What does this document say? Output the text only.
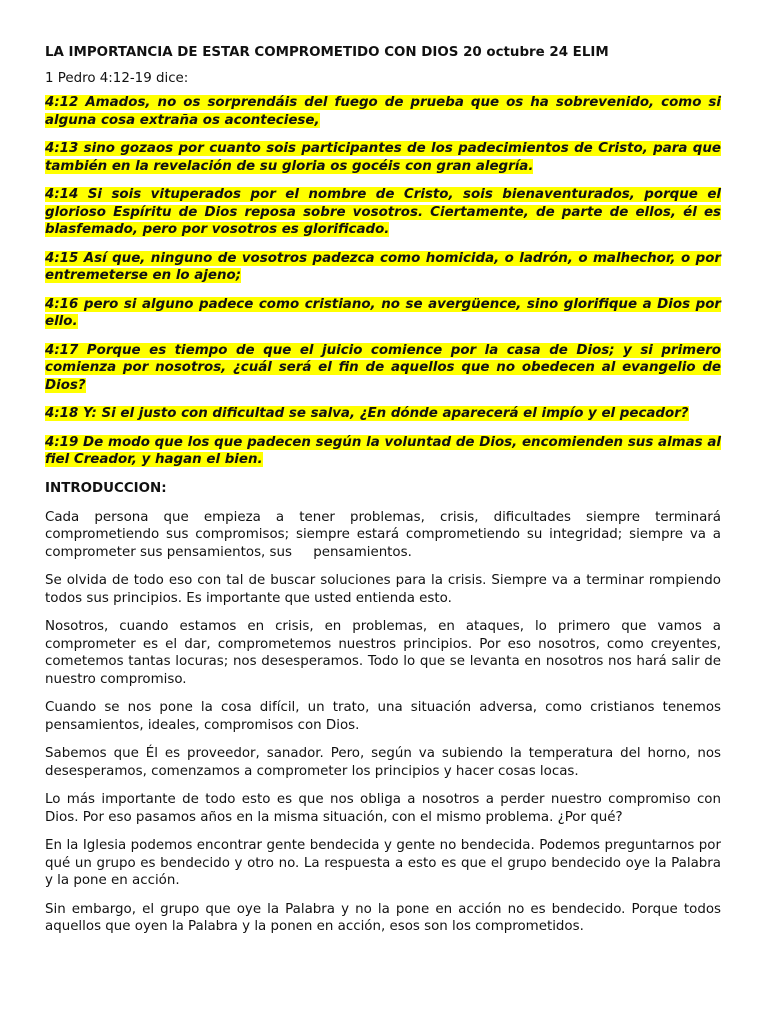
LA IMPORTANCIA DE ESTAR COMPROMETIDO CON DIOS 20 octubre 24 ELIM

1 Pedro 4:12-19 dice:

4:12 Amados, no os sorprendáis del fuego de prueba que os ha sobrevenido, como si alguna cosa extraña os aconteciese,

4:13 sino gozaos por cuanto sois participantes de los padecimientos de Cristo, para que también en la revelación de su gloria os gocéis con gran alegría.

4:14 Si sois vituperados por el nombre de Cristo, sois bienaventurados, porque el glorioso Espíritu de Dios reposa sobre vosotros. Ciertamente, de parte de ellos, él es blasfemado, pero por vosotros es glorificado.

4:15 Así que, ninguno de vosotros padezca como homicida, o ladrón, o malhechor, o por entremeterse en lo ajeno;

4:16 pero si alguno padece como cristiano, no se avergüence, sino glorifique a Dios por ello.

4:17 Porque es tiempo de que el juicio comience por la casa de Dios; y si primero comienza por nosotros, ¿cuál será el fin de aquellos que no obedecen al evangelio de Dios?

4:18 Y: Si el justo con dificultad se salva, ¿En dónde aparecerá el impío y el pecador?

4:19 De modo que los que padecen según la voluntad de Dios, encomienden sus almas al fiel Creador, y hagan el bien.

INTRODUCCION:

Cada persona que empieza a tener problemas, crisis, dificultades siempre terminará comprometiendo sus compromisos; siempre estará comprometiendo su integridad; siempre va a comprometer sus pensamientos, sus     pensamientos.

Se olvida de todo eso con tal de buscar soluciones para la crisis. Siempre va a terminar rompiendo todos sus principios. Es importante que usted entienda esto.

Nosotros, cuando estamos en crisis, en problemas, en ataques, lo primero que vamos a comprometer es el dar, comprometemos nuestros principios. Por eso nosotros, como creyentes, cometemos tantas locuras; nos desesperamos. Todo lo que se levanta en nosotros nos hará salir de nuestro compromiso.

Cuando se nos pone la cosa difícil, un trato, una situación adversa, como cristianos tenemos pensamientos, ideales, compromisos con Dios.

Sabemos que Él es proveedor, sanador. Pero, según va subiendo la temperatura del horno, nos desesperamos, comenzamos a comprometer los principios y hacer cosas locas.

Lo más importante de todo esto es que nos obliga a nosotros a perder nuestro compromiso con Dios. Por eso pasamos años en la misma situación, con el mismo problema. ¿Por qué?

En la Iglesia podemos encontrar gente bendecida y gente no bendecida. Podemos preguntarnos por qué un grupo es bendecido y otro no. La respuesta a esto es que el grupo bendecido oye la Palabra y la pone en acción.

Sin embargo, el grupo que oye la Palabra y no la pone en acción no es bendecido. Porque todos aquellos que oyen la Palabra y la ponen en acción, esos son los comprometidos.
